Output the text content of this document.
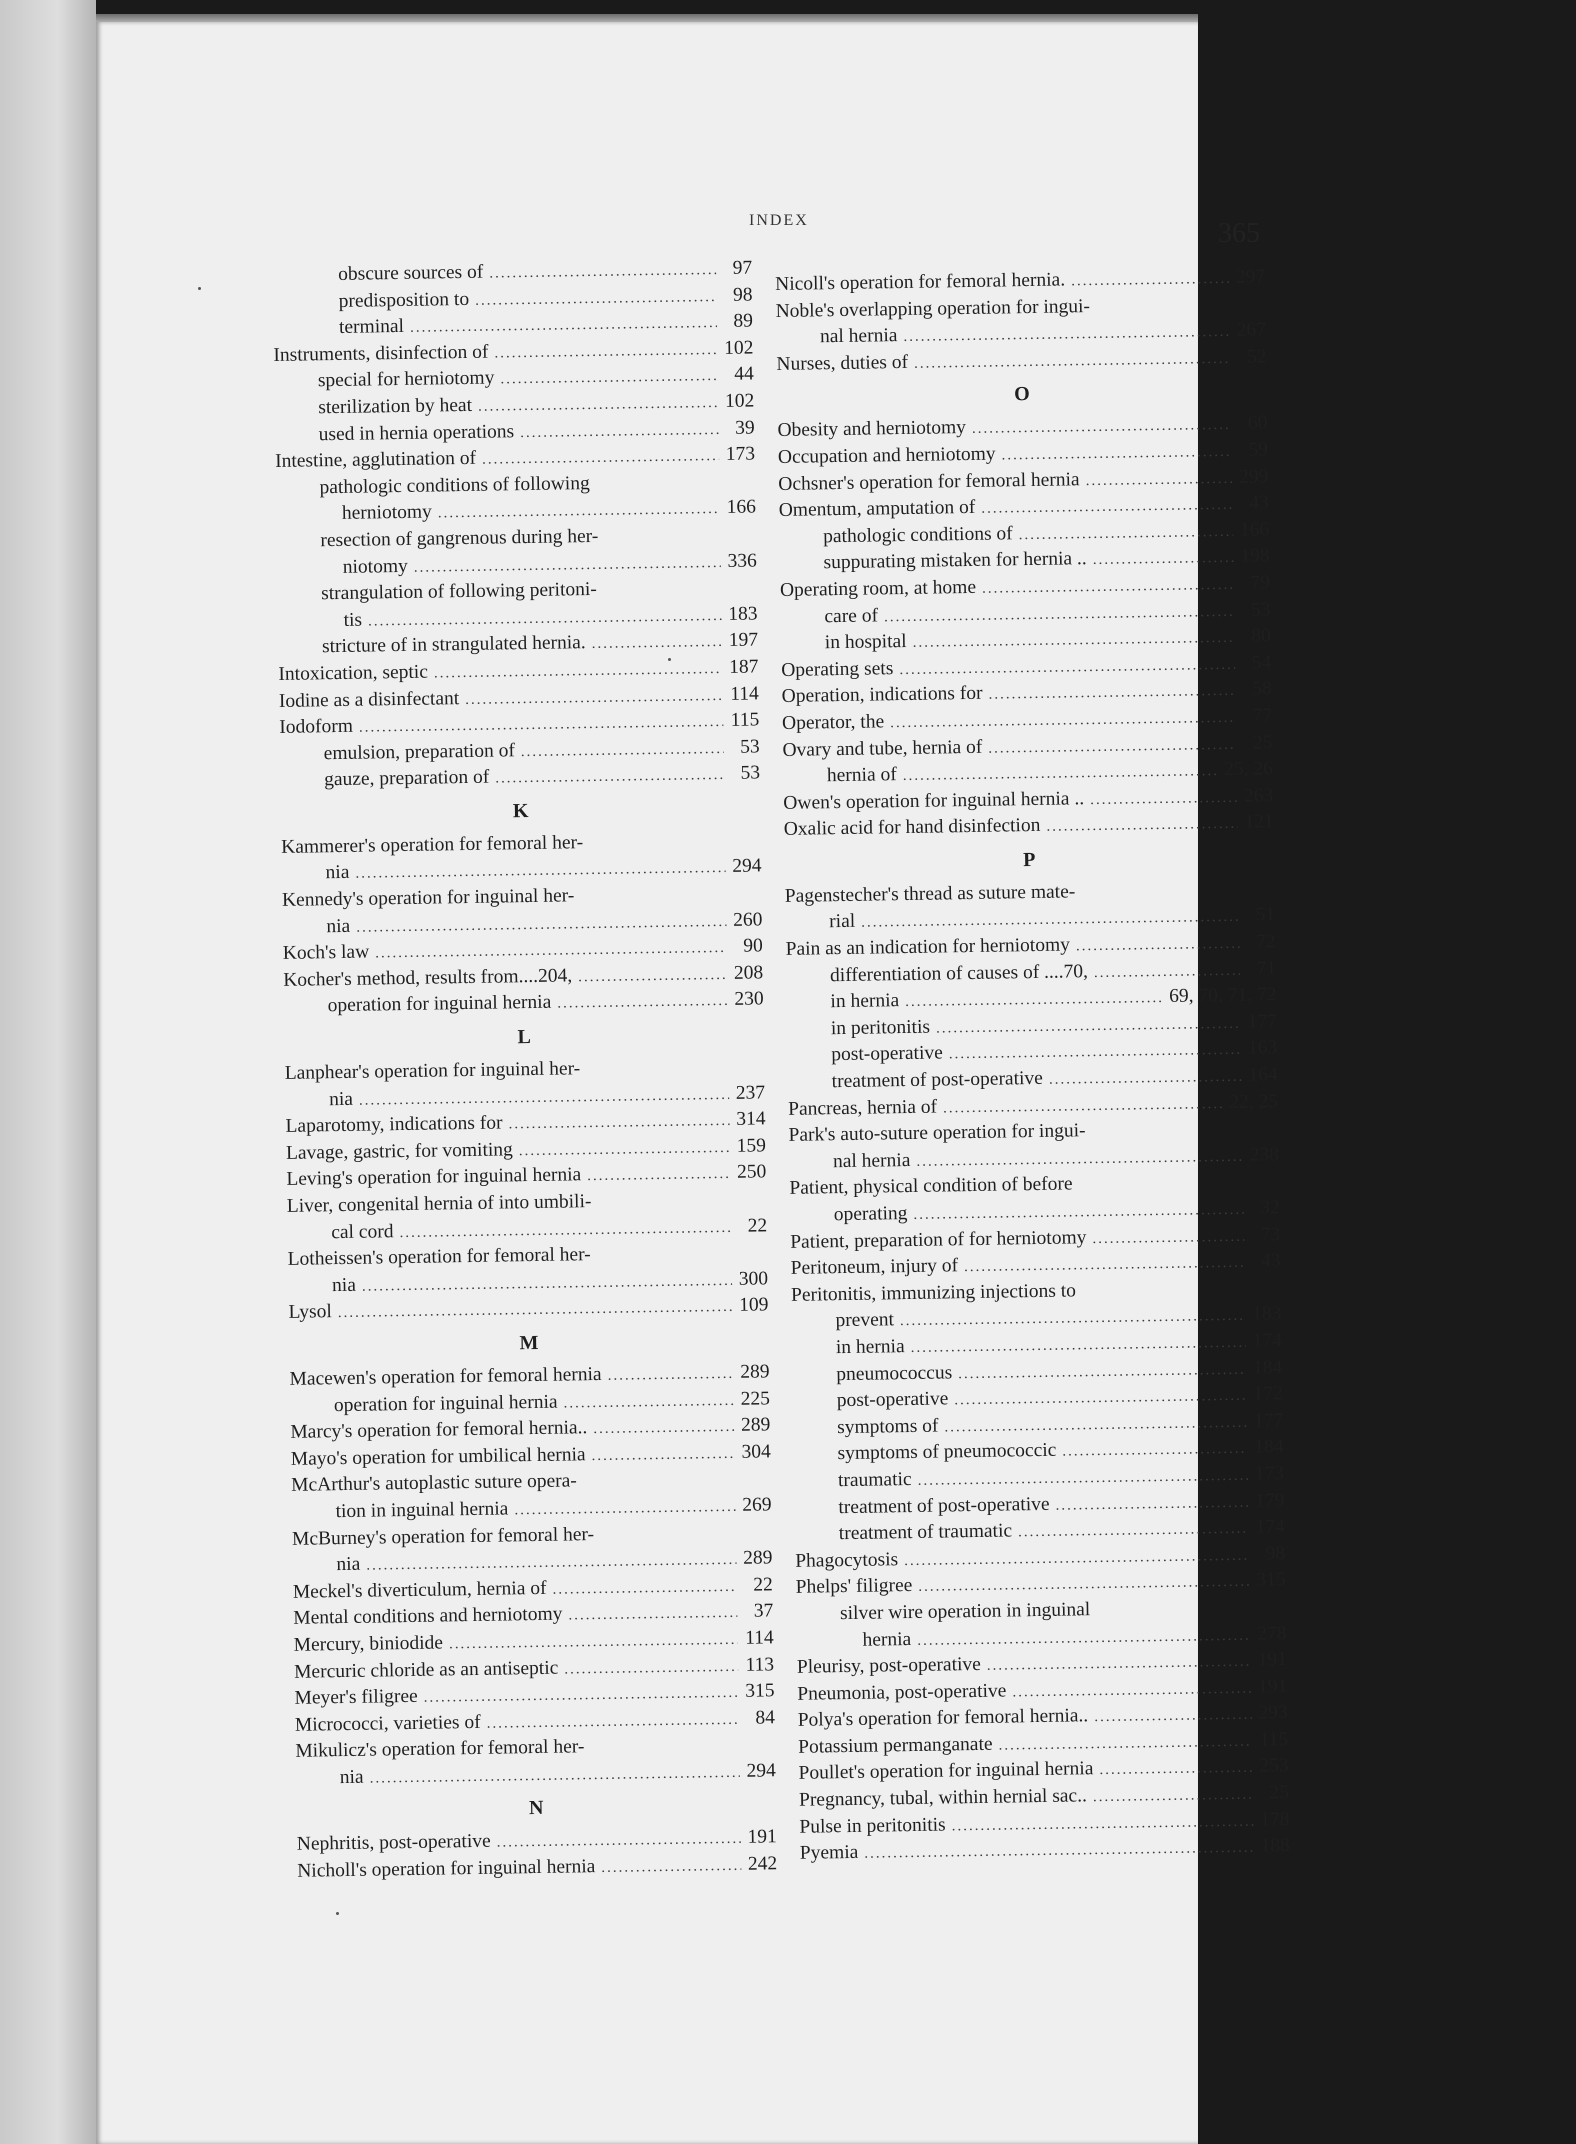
INDEX	365
obscure sources of .....	97
predisposition to .....	98
terminal .....	89
Instruments, disinfection of .....	102
special for herniotomy .....	44
sterilization by heat .....	102
used in hernia operations .....	39
Intestine, agglutination of .....	173
pathologic conditions of following
herniotomy .....	166
resection of gangrenous during her-
niotomy .....	336
strangulation of following peritoni-
tis .....	183
stricture of in strangulated hernia. .....	197
Intoxication, septic .....	187
Iodine as a disinfectant .....	114
Iodoform .....	115
emulsion, preparation of .....	53
gauze, preparation of .....	53
K
Kammerer's operation for femoral her-
nia .....	294
Kennedy's operation for inguinal her-
nia .....	260
Koch's law .....	90
Kocher's method, results from....204, .....	208
operation for inguinal hernia .....	230
L
Lanphear's operation for inguinal her-
nia .....	237
Laparotomy, indications for .....	314
Lavage, gastric, for vomiting .....	159
Leving's operation for inguinal hernia .....	250
Liver, congenital hernia of into umbili-
cal cord .....	22
Lotheissen's operation for femoral her-
nia .....	300
Lysol .....	109
M
Macewen's operation for femoral hernia .....	289
operation for inguinal hernia .....	225
Marcy's operation for femoral hernia.. .....	289
Mayo's operation for umbilical hernia .....	304
McArthur's autoplastic suture opera-
tion in inguinal hernia .....	269
McBurney's operation for femoral her-
nia .....	289
Meckel's diverticulum, hernia of .....	22
Mental conditions and herniotomy .....	37
Mercury, biniodide .....	114
Mercuric chloride as an antiseptic .....	113
Meyer's filigree .....	315
Micrococci, varieties of .....	84
Mikulicz's operation for femoral her-
nia .....	294
N
Nephritis, post-operative .....	191
Nicholl's operation for inguinal hernia .....	242
Nicoll's operation for femoral hernia. .....	297
Noble's overlapping operation for ingui-
nal hernia .....	267
Nurses, duties of .....	52
O
Obesity and herniotomy .....	60
Occupation and herniotomy .....	59
Ochsner's operation for femoral hernia .....	299
Omentum, amputation of .....	43
pathologic conditions of .....	166
suppurating mistaken for hernia .. .....	198
Operating room, at home .....	79
care of .....	53
in hospital .....	80
Operating sets .....	54
Operation, indications for .....	58
Operator, the .....	77
Ovary and tube, hernia of .....	25
hernia of .....	25, 26
Owen's operation for inguinal hernia .. .....	263
Oxalic acid for hand disinfection .....	121
P
Pagenstecher's thread as suture mate-
rial .....	51
Pain as an indication for herniotomy .....	72
differentiation of causes of ....70, .....	71
in hernia .....	69, 70, 71, 72
in peritonitis .....	177
post-operative .....	163
treatment of post-operative .....	164
Pancreas, hernia of .....	22, 25
Park's auto-suture operation for ingui-
nal hernia .....	238
Patient, physical condition of before
operating .....	32
Patient, preparation of for herniotomy .....	73
Peritoneum, injury of .....	43
Peritonitis, immunizing injections to
prevent .....	183
in hernia .....	174
pneumococcus .....	184
post-operative .....	172
symptoms of .....	177
symptoms of pneumococcic .....	184
traumatic .....	173
treatment of post-operative .....	179
treatment of traumatic .....	174
Phagocytosis .....	98
Phelps' filigree .....	315
silver wire operation in inguinal
hernia .....	278
Pleurisy, post-operative .....	191
Pneumonia, post-operative .....	191
Polya's operation for femoral hernia.. .....	293
Potassium permanganate .....	115
Poullet's operation for inguinal hernia .....	253
Pregnancy, tubal, within hernial sac.. .....	25
Pulse in peritonitis .....	178
Pyemia .....	188
